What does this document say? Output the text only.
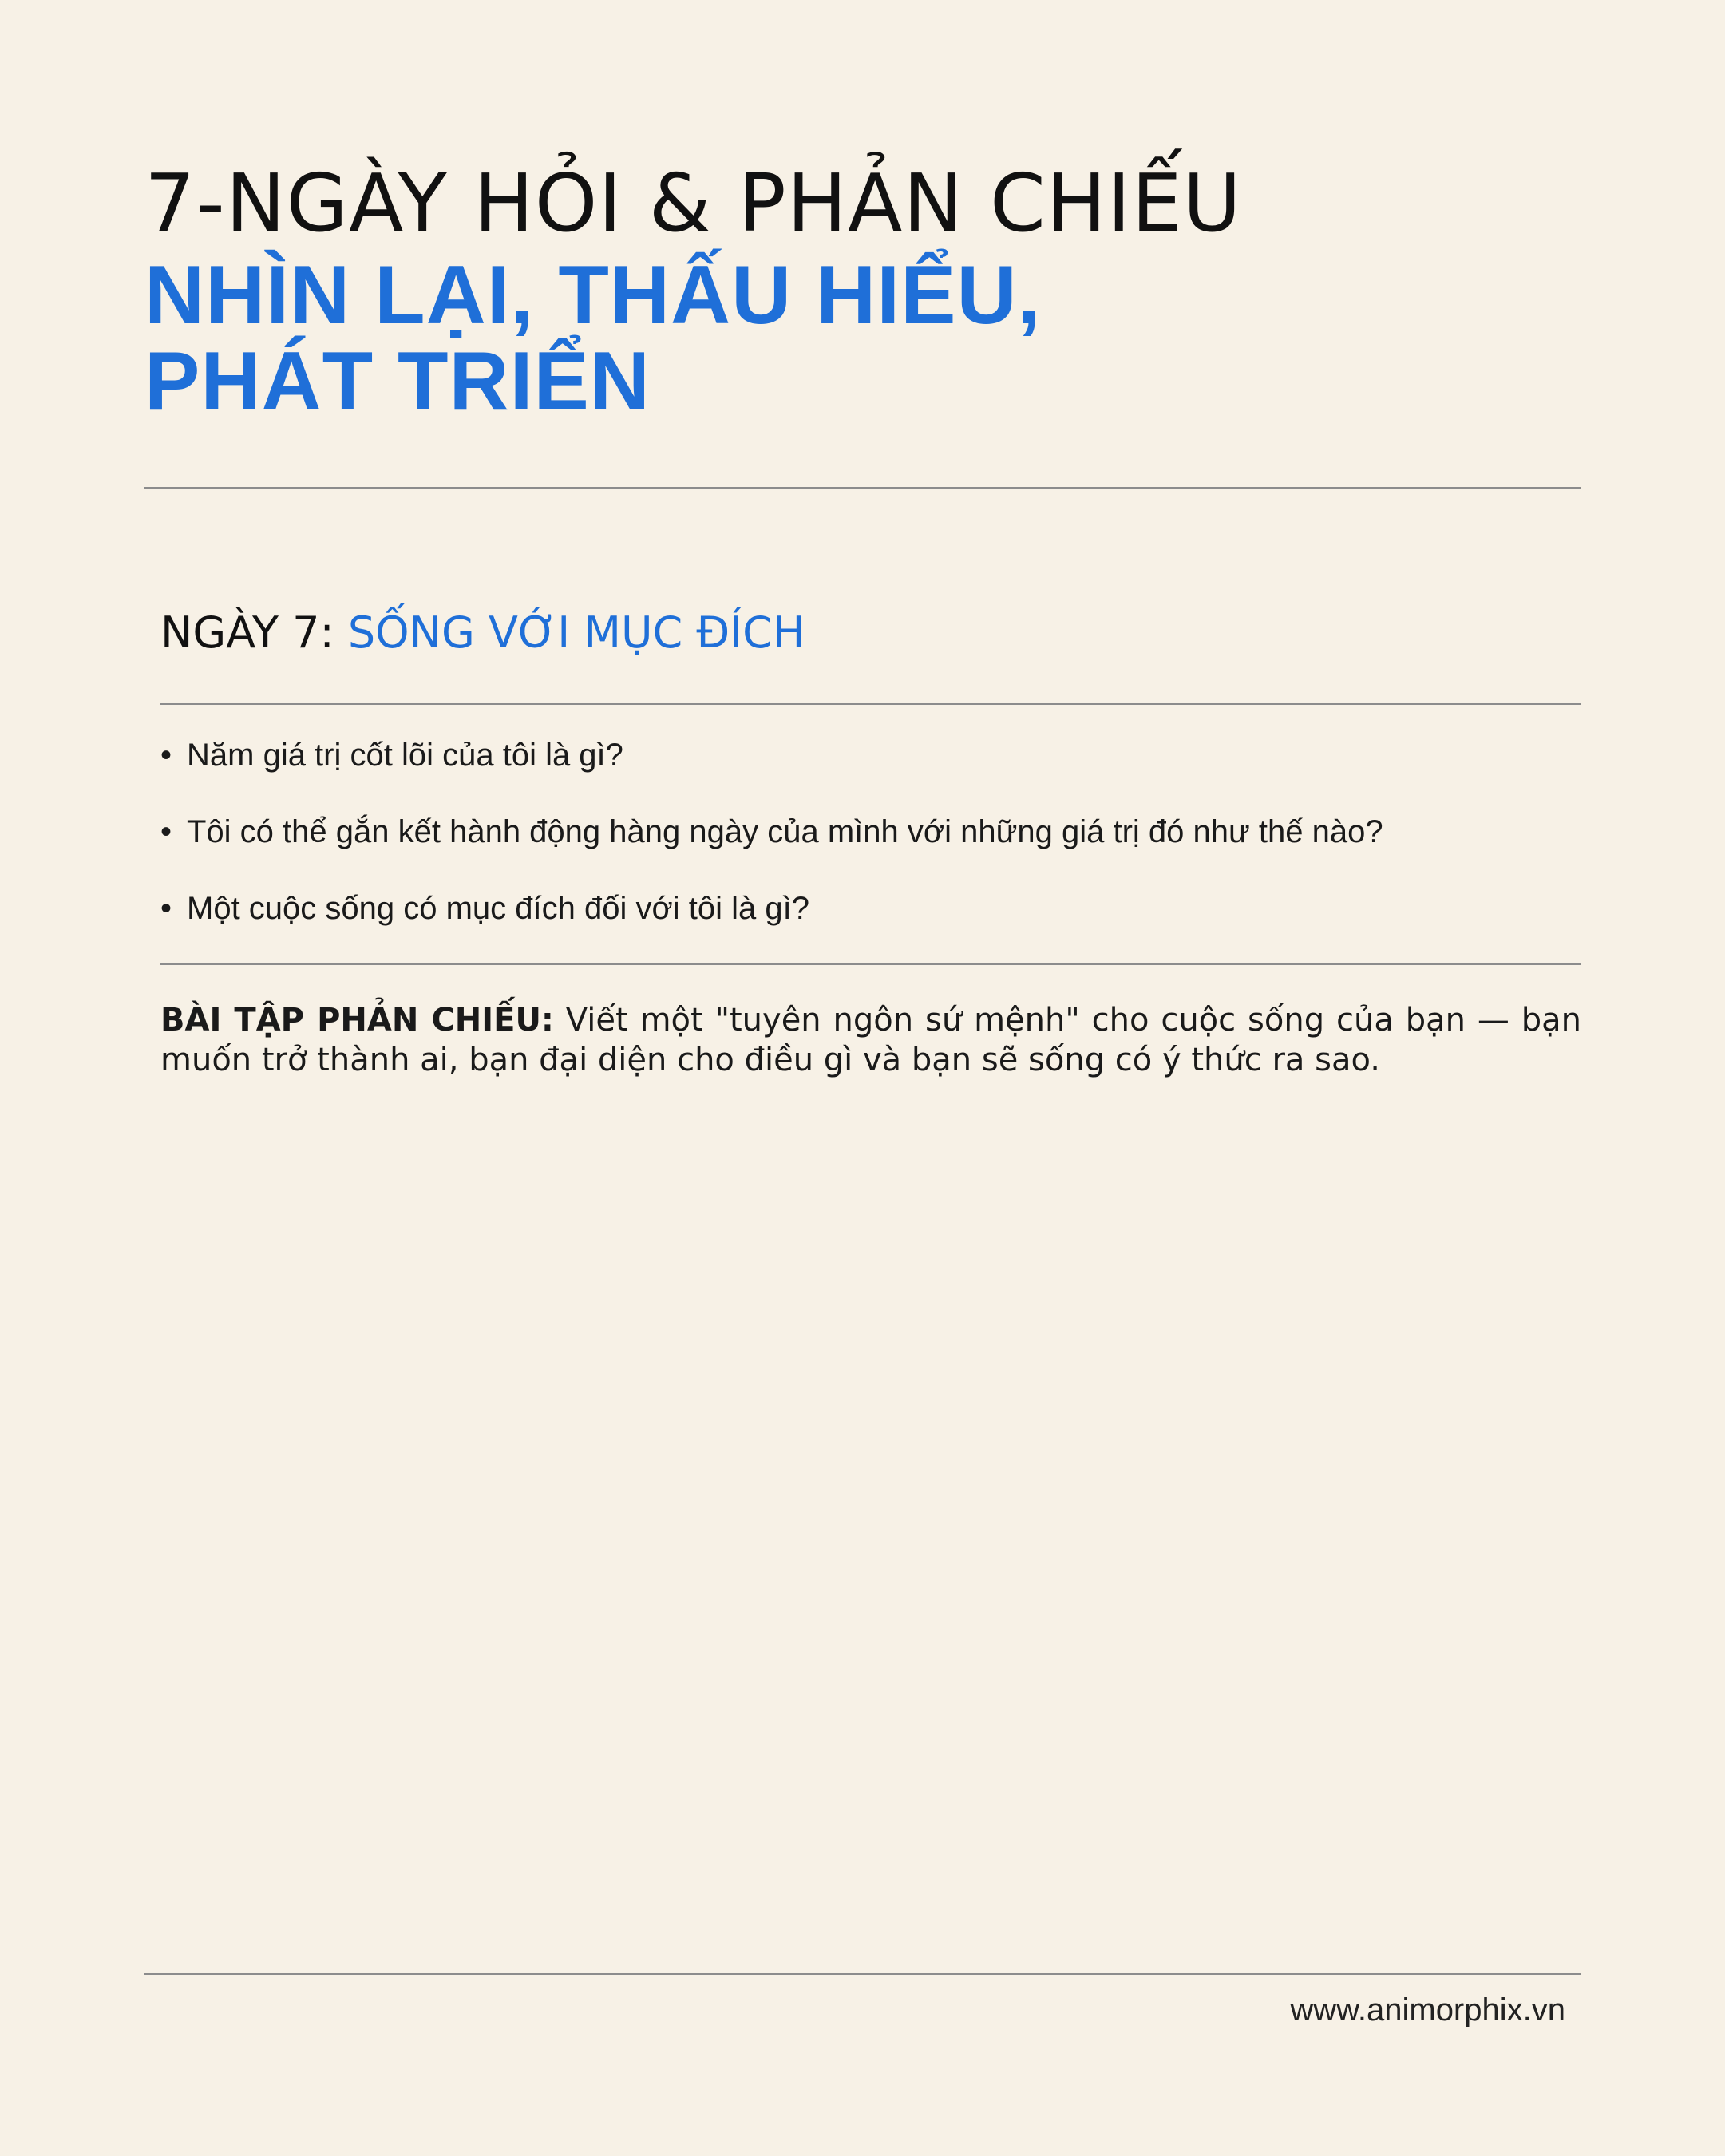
7-NGÀY HỎI & PHẢN CHIẾU
NHÌN LẠI, THẤU HIỂU,
PHÁT TRIỂN
NGÀY 7: SỐNG VỚI MỤC ĐÍCH
• Năm giá trị cốt lõi của tôi là gì?
• Tôi có thể gắn kết hành động hàng ngày của mình với những giá trị đó như thế nào?
• Một cuộc sống có mục đích đối với tôi là gì?

BÀI TẬP PHẢN CHIẾU: Viết một "tuyên ngôn sứ mệnh" cho cuộc sống của bạn — bạn muốn trở thành ai, bạn đại diện cho điều gì và bạn sẽ sống có ý thức ra sao.

www.animorphix.vn
